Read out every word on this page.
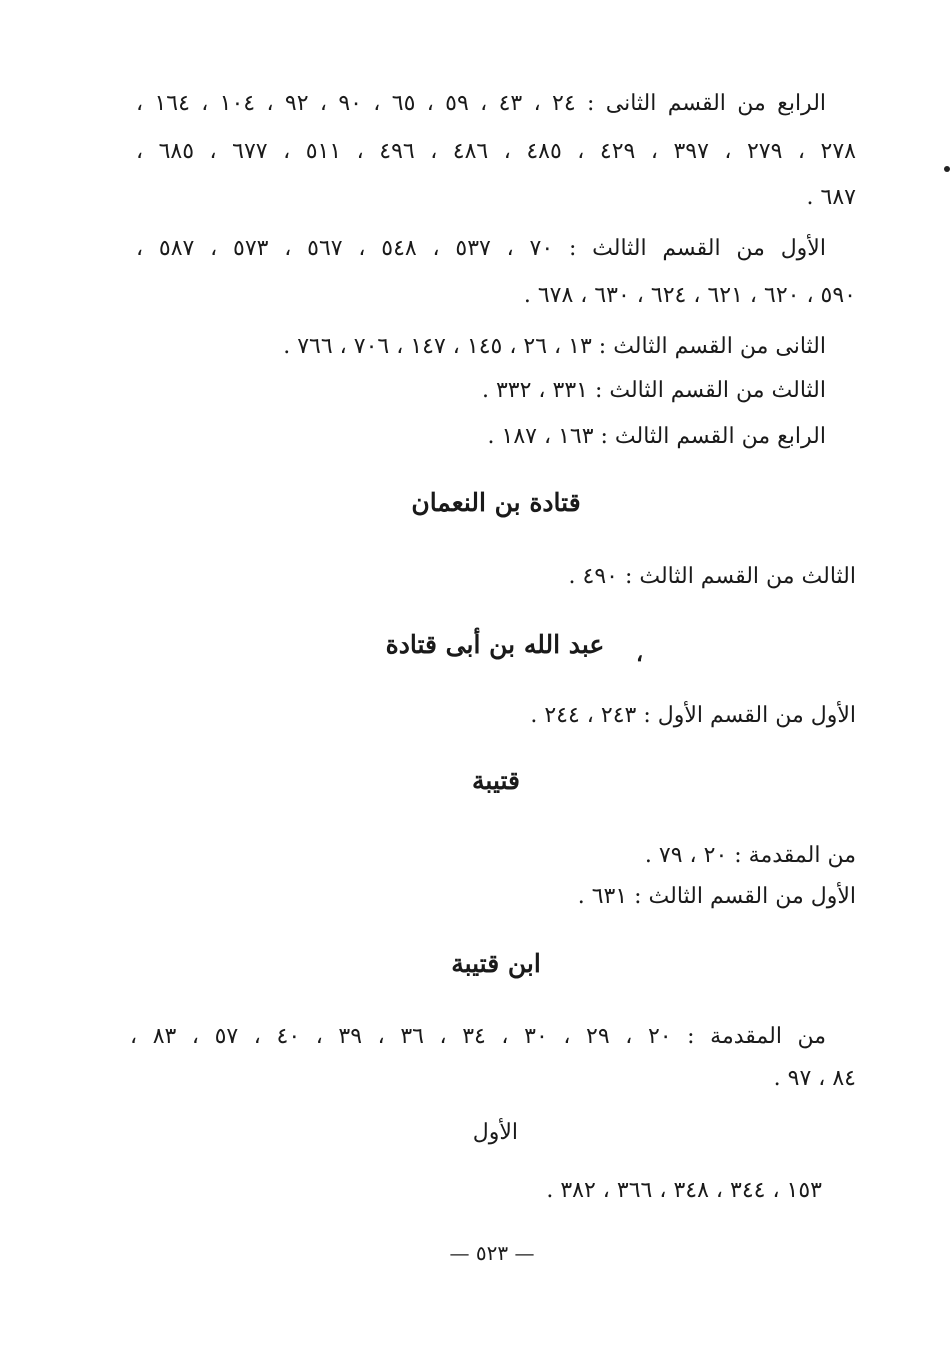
الرابع من القسم الثانى : ٢٤ ، ٤٣ ، ٥٩ ، ٦٥ ، ٩٠ ، ٩٢ ، ١٠٤ ، ١٦٤ ،
٢٧٨ ، ٢٧٩ ، ٣٩٧ ، ٤٢٩ ، ٤٨٥ ، ٤٨٦ ، ٤٩٦ ، ٥١١ ، ٦٧٧ ، ٦٨٥ ،
٦٨٧ .
الأول من القسم الثالث : ٧٠ ، ٥٣٧ ، ٥٤٨ ، ٥٦٧ ، ٥٧٣ ، ٥٨٧ ،
٥٩٠ ، ٦٢٠ ، ٦٢١ ، ٦٢٤ ، ٦٣٠ ، ٦٧٨ .
الثانى من القسم الثالث : ١٣ ، ٢٦ ، ١٤٥ ، ١٤٧ ، ٧٠٦ ، ٧٦٦ .
الثالث من القسم الثالث : ٣٣١ ، ٣٣٢ .
الرابع من القسم الثالث : ١٦٣ ، ١٨٧ .
قتادة بن النعمان
الثالث من القسم الثالث : ٤٩٠ .
عبد الله بن أبى قتادة	،
الأول من القسم الأول : ٢٤٣ ، ٢٤٤ .
قتيبة
من المقدمة : ٢٠ ، ٧٩ .
الأول من القسم الثالث : ٦٣١ .
ابن قتيبة
من المقدمة : ٢٠ ، ٢٩ ، ٣٠ ، ٣٤ ، ٣٦ ، ٣٩ ، ٤٠ ، ٥٧ ، ٨٣ ،
٨٤ ، ٩٧ .
الأول
١٥٣ ، ٣٤٤ ، ٣٤٨ ، ٣٦٦ ، ٣٨٢ .
— ٥٢٣ —
